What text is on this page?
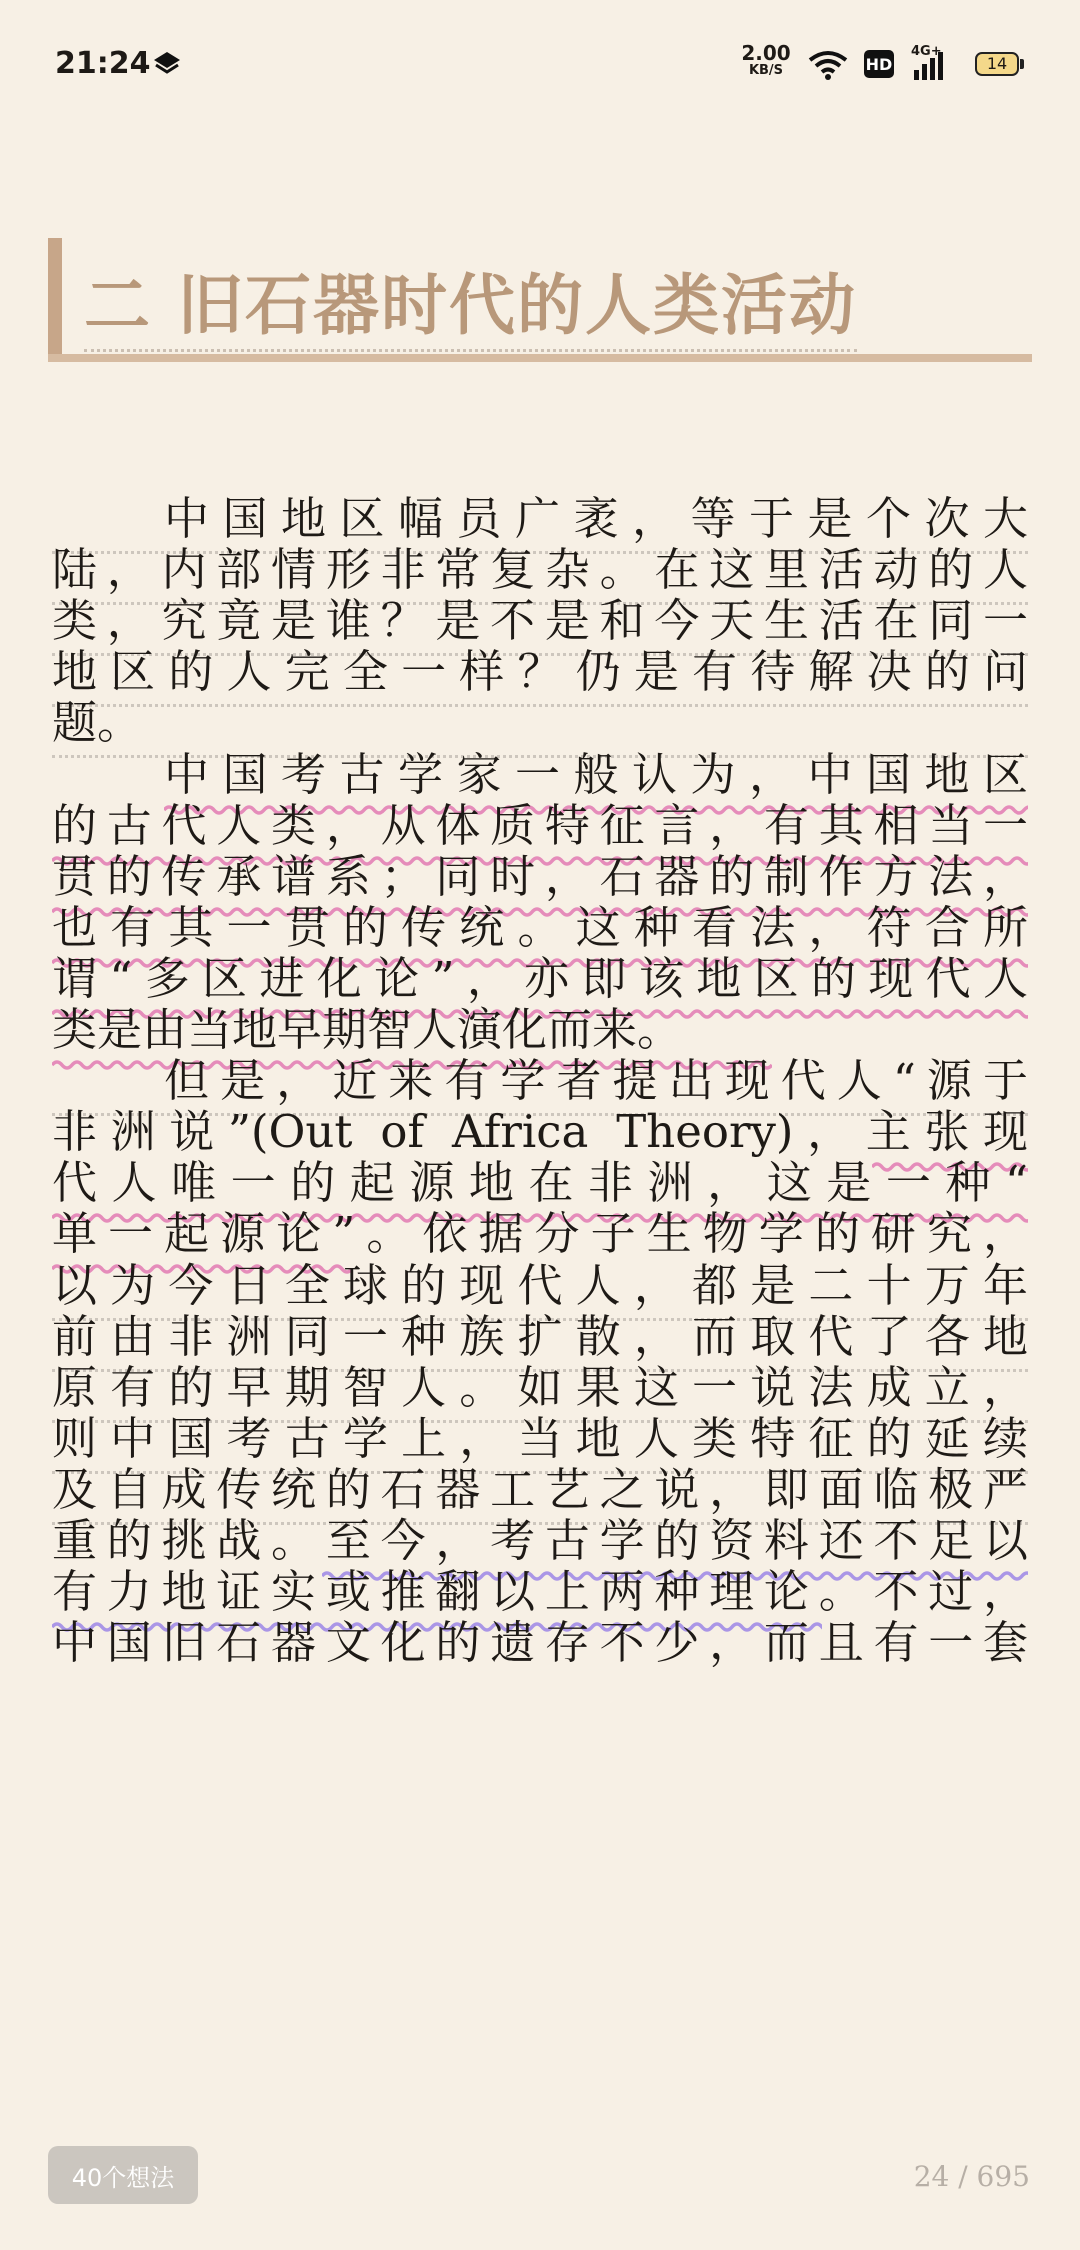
21:24	2.00
KB/S	HD
4G+
14
二 旧石器时代的人类活动
中国地区幅员广袤，等于是个次大
陆，内部情形非常复杂。在这里活动的人
类，究竟是谁？是不是和今天生活在同一
地区的人完全一样？仍是有待解决的问
题。
中国考古学家一般认为，中国地区
的古代人类，从体质特征言，有其相当一
贯的传承谱系；同时，石器的制作方法，
也有其一贯的传统。这种看法，符合所
谓“多区进化论”，亦即该地区的现代人
类是由当地早期智人演化而来。
但是，近来有学者提出现代人“源于
非洲说”(Out of Africa Theory)，主张现
代人唯一的起源地在非洲，这是一种“
单一起源论”。依据分子生物学的研究，
以为今日全球的现代人，都是二十万年
前由非洲同一种族扩散，而取代了各地
原有的早期智人。如果这一说法成立，
则中国考古学上，当地人类特征的延续
及自成传统的石器工艺之说，即面临极严
重的挑战。至今，考古学的资料还不足以
有力地证实或推翻以上两种理论。不过，
中国旧石器文化的遗存不少，而且有一套
40个想法	24 / 695
